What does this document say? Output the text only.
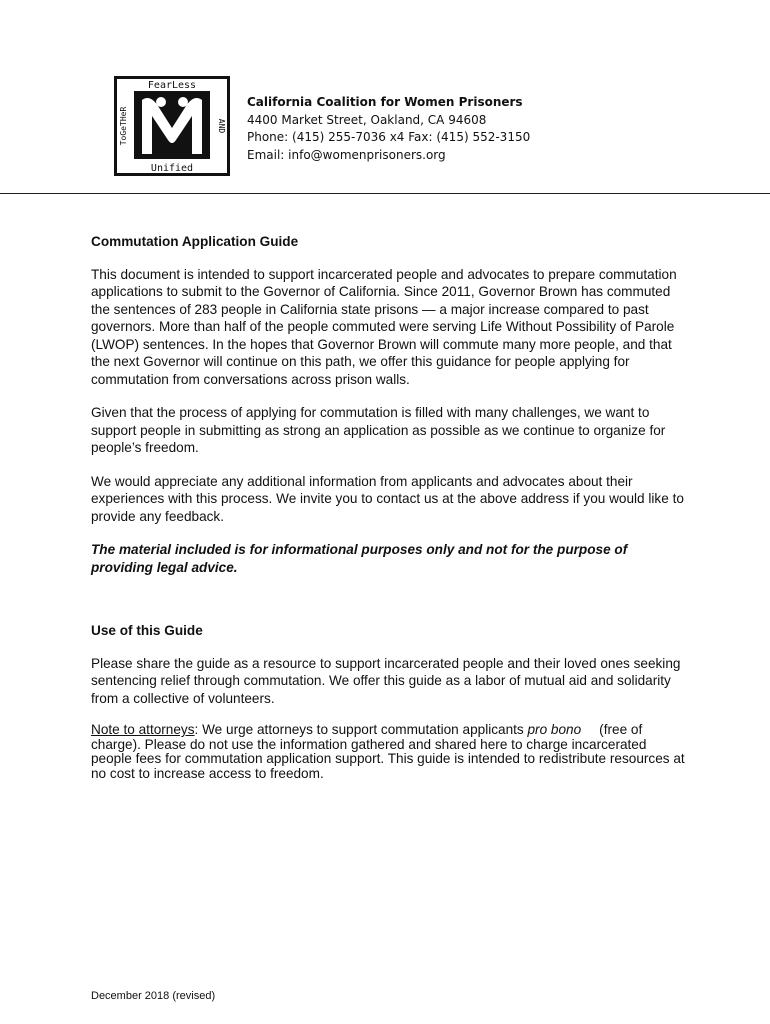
FearLess
Unified
ToGeTHeR	AND
California Coalition for Women Prisoners
4400 Market Street, Oakland, CA 94608
Phone: (415) 255-7036 x4 Fax: (415) 552-3150
Email: info@womenprisoners.org
Commutation Application Guide

This document is intended to support incarcerated people and advocates to prepare commutation applications to submit to the Governor of California. Since 2011, Governor Brown has commuted the sentences of 283 people in California state prisons — a major increase compared to past governors. More than half of the people commuted were serving Life Without Possibility of Parole (LWOP) sentences. In the hopes that Governor Brown will commute many more people, and that the next Governor will continue on this path, we offer this guidance for people applying for commutation from conversations across prison walls.

Given that the process of applying for commutation is filled with many challenges, we want to support people in submitting as strong an application as possible as we continue to organize for people’s freedom.

We would appreciate any additional information from applicants and advocates about their experiences with this process. We invite you to contact us at the above address if you would like to provide any feedback.

The material included is for informational purposes only and not for the purpose of providing legal advice.

Use of this Guide

Please share the guide as a resource to support incarcerated people and their loved ones seeking sentencing relief through commutation. We offer this guide as a labor of mutual aid and solidarity from a collective of volunteers.

Note to attorneys: We urge attorneys to support commutation applicants pro bono (free of charge). Please do not use the information gathered and shared here to charge incarcerated people fees for commutation application support. This guide is intended to redistribute resources at no cost to increase access to freedom.

December 2018 (revised)
